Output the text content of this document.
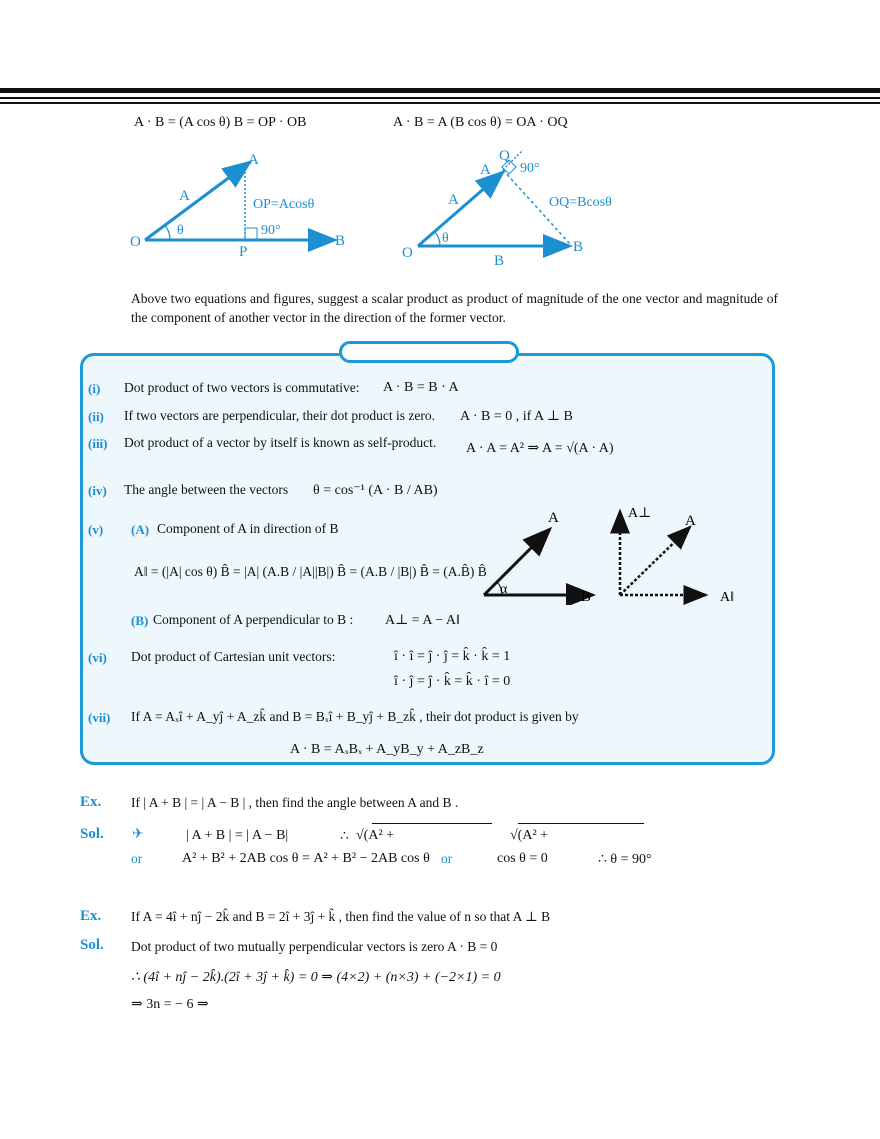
A · B = (A cos θ) B = OP · OB	A · B = A (B cos θ) = OA · OQ
A
O
P
B
A
OP=Acosθ
θ	90°
Q
A
O	B
A
B
OQ=Bcosθ
θ
90°
Above two equations and figures, suggest a scalar product as product of magnitude of the one vector and magnitude of the component of another vector in the direction of the former vector.
(i) Dot product of two vectors is commutative: A · B = B · A
(ii) If two vectors are perpendicular, their dot product is zero. A · B = 0 , if A ⊥ B
(iii) Dot product of a vector by itself is known as self-product. A · A = A² ⇒ A = √(A · A)
(iv) The angle between the vectors θ = cos⁻¹ (A · B / AB)
(v) (A) Component of A in direction of B
A‖ = (|A| cos θ) B̂ = |A| (A.B / |A||B|) B̂ = (A.B / |B|) B̂ = (A.B̂) B̂
(B) Component of A perpendicular to B : A⊥ = A − A‖
A
B
α
A⊥ A
A‖
(vi) Dot product of Cartesian unit vectors:	î · î = ĵ · ĵ = k̂ · k̂ = 1
î · ĵ = ĵ · k̂ = k̂ · î = 0
(vii) If A = Aₓî + A_yĵ + A_zk̂ and B = Bₓî + B_yĵ + B_zk̂ , their dot product is given by
A · B = AₓBₓ + A_yB_y + A_zB_z
Ex. If | A + B | = | A − B | , then find the angle between A and B .
Sol. ✈	| A + B | = | A − B|	∴ √(A² +	√(A² +
or	A² + B² + 2AB cos θ = A² + B² − 2AB cos θ or	cos θ = 0	∴ θ = 90°
Ex. If A = 4î + nĵ − 2k̂ and B = 2î + 3ĵ + k̂ , then find the value of n so that A ⊥ B
Sol. Dot product of two mutually perpendicular vectors is zero A · B = 0
∴ (4î + nĵ − 2k̂).(2î + 3ĵ + k̂) = 0 ⇒ (4×2) + (n×3) + (−2×1) = 0
⇒ 3n = − 6 ⇒
